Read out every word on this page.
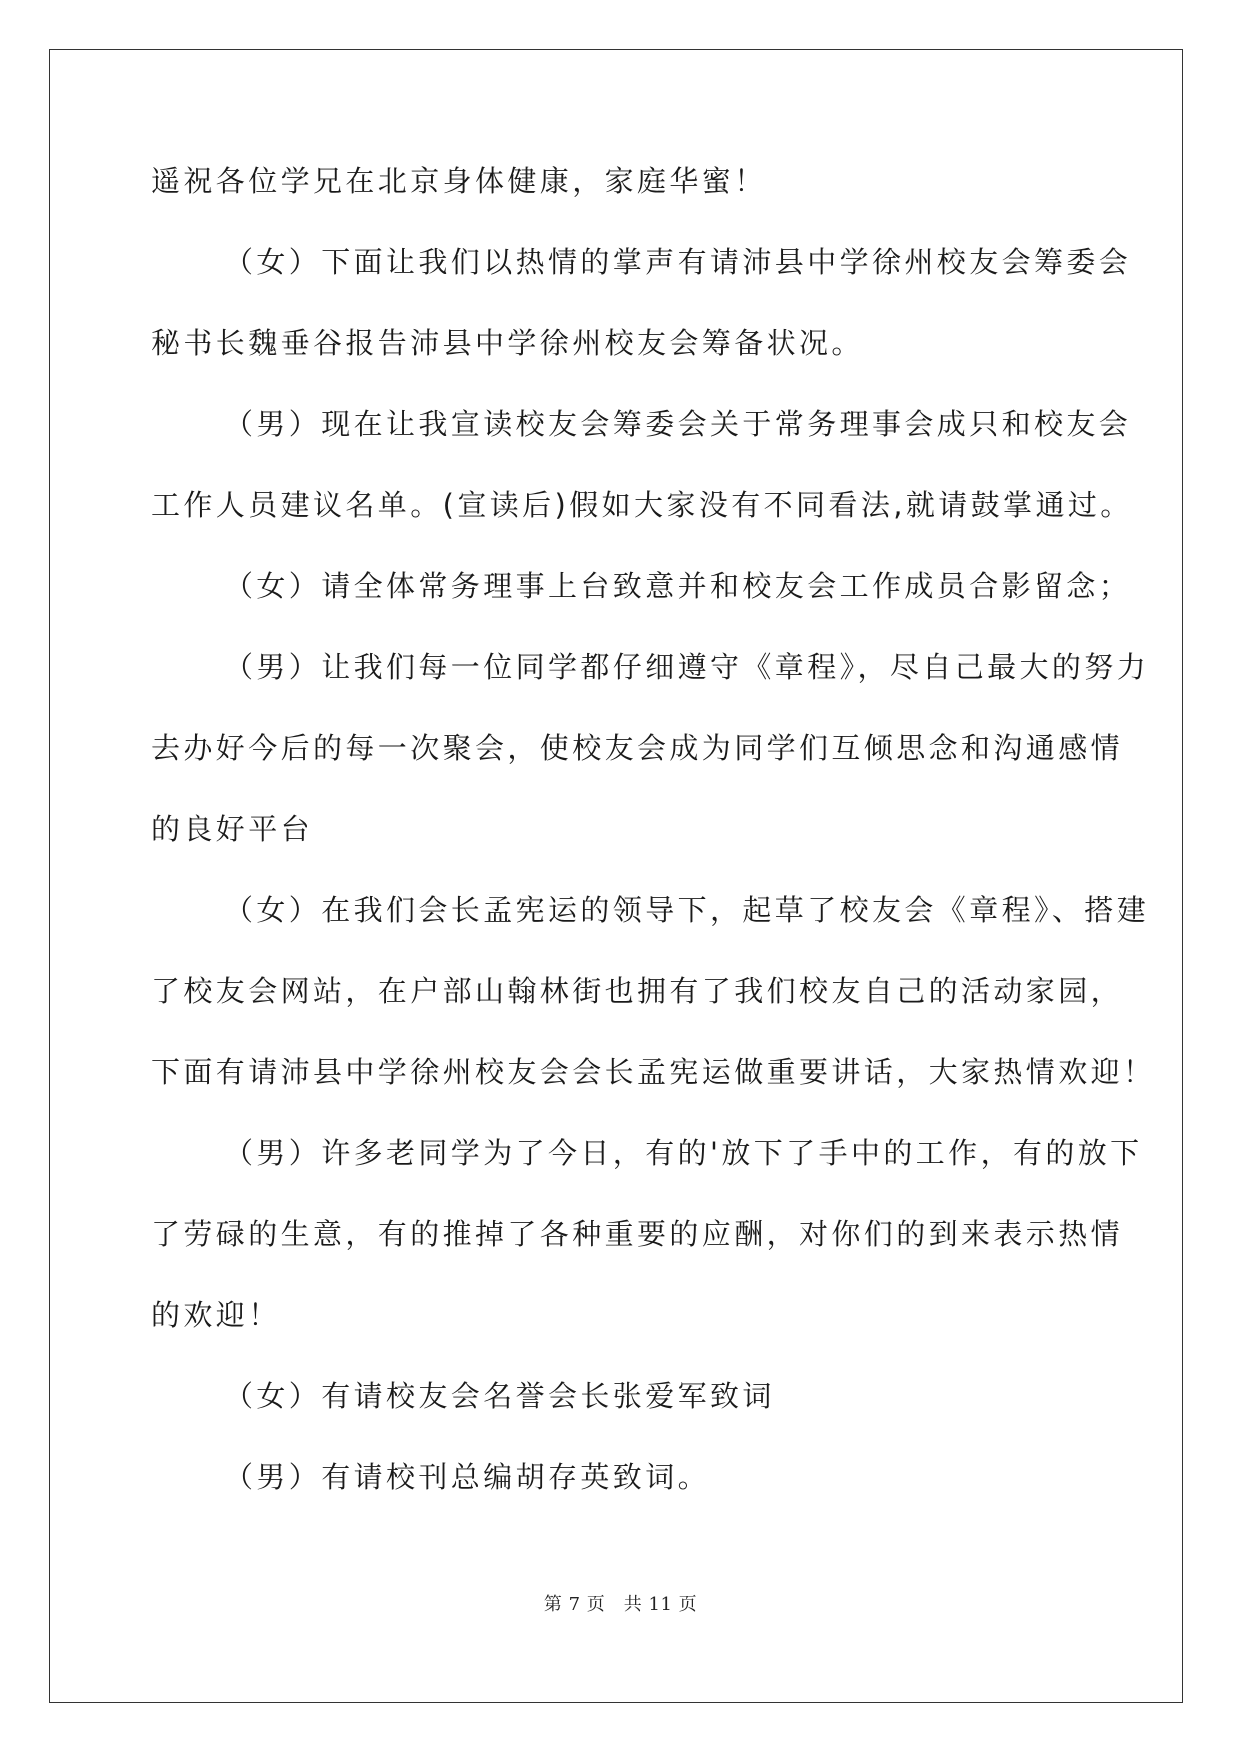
遥祝各位学兄在北京身体健康，家庭华蜜！

（女）下面让我们以热情的掌声有请沛县中学徐州校友会筹委会

秘书长魏垂谷报告沛县中学徐州校友会筹备状况。

（男）现在让我宣读校友会筹委会关于常务理事会成只和校友会

工作人员建议名单。(宣读后)假如大家没有不同看法,就请鼓掌通过。

（女）请全体常务理事上台致意并和校友会工作成员合影留念；

（男）让我们每一位同学都仔细遵守《章程》，尽自己最大的努力

去办好今后的每一次聚会，使校友会成为同学们互倾思念和沟通感情

的良好平台

（女）在我们会长孟宪运的领导下，起草了校友会《章程》、搭建

了校友会网站，在户部山翰林街也拥有了我们校友自己的活动家园，

下面有请沛县中学徐州校友会会长孟宪运做重要讲话，大家热情欢迎！

（男）许多老同学为了今日，有的'放下了手中的工作，有的放下

了劳碌的生意，有的推掉了各种重要的应酬，对你们的到来表示热情

的欢迎！

（女）有请校友会名誉会长张爱军致词

（男）有请校刊总编胡存英致词。

第 7 页　共 11 页
